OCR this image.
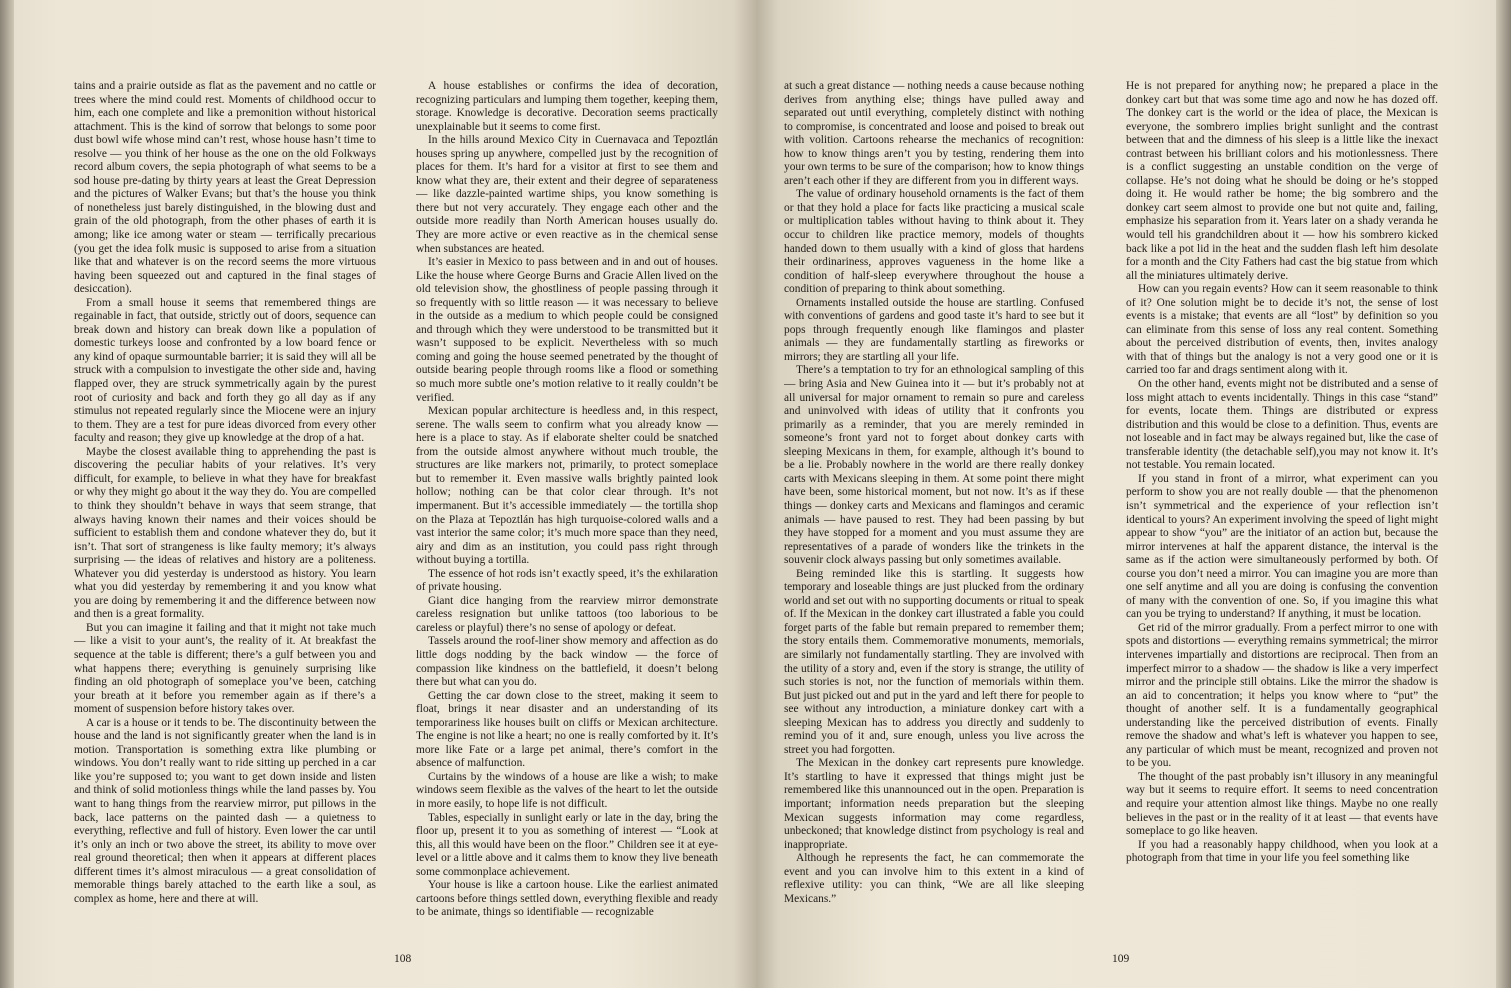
tains and a prairie outside as flat as the pavement and no cattle or trees where the mind could rest. Moments of childhood occur to him, each one complete and like a premonition without historical attachment. This is the kind of sorrow that belongs to some poor dust bowl wife whose mind can’t rest, whose house hasn’t time to resolve — you think of her house as the one on the old Folkways record album covers, the sepia photograph of what seems to be a sod house pre-dating by thirty years at least the Great Depression and the pictures of Walker Evans; but that’s the house you think of nonetheless just barely distinguished, in the blowing dust and grain of the old photograph, from the other phases of earth it is among; like ice among water or steam — terrifically precarious (you get the idea folk music is supposed to arise from a situation like that and whatever is on the record seems the more virtuous having been squeezed out and captured in the final stages of desiccation).

From a small house it seems that remembered things are regainable in fact, that outside, strictly out of doors, sequence can break down and history can break down like a population of domestic turkeys loose and confronted by a low board fence or any kind of opaque surmountable barrier; it is said they will all be struck with a compulsion to investigate the other side and, having flapped over, they are struck symmetrically again by the purest root of curiosity and back and forth they go all day as if any stimulus not repeated regularly since the Miocene were an injury to them. They are a test for pure ideas divorced from every other faculty and reason; they give up knowledge at the drop of a hat.

Maybe the closest available thing to apprehending the past is discovering the peculiar habits of your relatives. It’s very difficult, for example, to believe in what they have for breakfast or why they might go about it the way they do. You are compelled to think they shouldn’t behave in ways that seem strange, that always having known their names and their voices should be sufficient to establish them and condone whatever they do, but it isn’t. That sort of strangeness is like faulty memory; it’s always surprising — the ideas of relatives and history are a politeness. Whatever you did yesterday is understood as history. You learn what you did yesterday by remembering it and you know what you are doing by remembering it and the difference between now and then is a great formality.

But you can imagine it failing and that it might not take much — like a visit to your aunt’s, the reality of it. At breakfast the sequence at the table is different; there’s a gulf between you and what happens there; everything is genuinely surprising like finding an old photograph of someplace you’ve been, catching your breath at it before you remember again as if there’s a moment of suspension before history takes over.

A car is a house or it tends to be. The discontinuity between the house and the land is not significantly greater when the land is in motion. Transportation is something extra like plumbing or windows. You don’t really want to ride sitting up perched in a car like you’re supposed to; you want to get down inside and listen and think of solid motionless things while the land passes by. You want to hang things from the rearview mirror, put pillows in the back, lace patterns on the painted dash — a quietness to everything, reflective and full of history. Even lower the car until it’s only an inch or two above the street, its ability to move over real ground theoretical; then when it appears at different places different times it’s almost miraculous — a great consolidation of memorable things barely attached to the earth like a soul, as complex as home, here and there at will.

A house establishes or confirms the idea of decoration, recognizing particulars and lumping them together, keeping them, storage. Knowledge is decorative. Decoration seems practically unexplainable but it seems to come first.

In the hills around Mexico City in Cuernavaca and Tepoztlán houses spring up anywhere, compelled just by the recognition of places for them. It’s hard for a visitor at first to see them and know what they are, their extent and their degree of separateness — like dazzle-painted wartime ships, you know something is there but not very accurately. They engage each other and the outside more readily than North American houses usually do. They are more active or even reactive as in the chemical sense when substances are heated.

It’s easier in Mexico to pass between and in and out of houses. Like the house where George Burns and Gracie Allen lived on the old television show, the ghostliness of people passing through it so frequently with so little reason — it was necessary to believe in the outside as a medium to which people could be consigned and through which they were understood to be transmitted but it wasn’t supposed to be explicit. Nevertheless with so much coming and going the house seemed penetrated by the thought of outside bearing people through rooms like a flood or something so much more subtle one’s motion relative to it really couldn’t be verified.

Mexican popular architecture is heedless and, in this respect, serene. The walls seem to confirm what you already know — here is a place to stay. As if elaborate shelter could be snatched from the outside almost anywhere without much trouble, the structures are like markers not, primarily, to protect someplace but to remember it. Even massive walls brightly painted look hollow; nothing can be that color clear through. It’s not impermanent. But it’s accessible immediately — the tortilla shop on the Plaza at Tepoztlán has high turquoise-colored walls and a vast interior the same color; it’s much more space than they need, airy and dim as an institution, you could pass right through without buying a tortilla.

The essence of hot rods isn’t exactly speed, it’s the exhilaration of private housing.

Giant dice hanging from the rearview mirror demonstrate careless resignation but unlike tattoos (too laborious to be careless or playful) there’s no sense of apology or defeat.

Tassels around the roof-liner show memory and affection as do little dogs nodding by the back window — the force of compassion like kindness on the battlefield, it doesn’t belong there but what can you do.

Getting the car down close to the street, making it seem to float, brings it near disaster and an understanding of its temporariness like houses built on cliffs or Mexican architecture. The engine is not like a heart; no one is really comforted by it. It’s more like Fate or a large pet animal, there’s comfort in the absence of malfunction.

Curtains by the windows of a house are like a wish; to make windows seem flexible as the valves of the heart to let the outside in more easily, to hope life is not difficult.

Tables, especially in sunlight early or late in the day, bring the floor up, present it to you as something of interest — “Look at this, all this would have been on the floor.” Children see it at eye-level or a little above and it calms them to know they live beneath some commonplace achievement.

Your house is like a cartoon house. Like the earliest animated cartoons before things settled down, everything flexible and ready to be animate, things so identifiable — recognizable

108

at such a great distance — nothing needs a cause because nothing derives from anything else; things have pulled away and separated out until everything, completely distinct with nothing to compromise, is concentrated and loose and poised to break out with volition. Cartoons rehearse the mechanics of recognition: how to know things aren’t you by testing, rendering them into your own terms to be sure of the comparison; how to know things aren’t each other if they are different from you in different ways.

The value of ordinary household ornaments is the fact of them or that they hold a place for facts like practicing a musical scale or multiplication tables without having to think about it. They occur to children like practice memory, models of thoughts handed down to them usually with a kind of gloss that hardens their ordinariness, approves vagueness in the home like a condition of half-sleep everywhere throughout the house a condition of preparing to think about something.

Ornaments installed outside the house are startling. Confused with conventions of gardens and good taste it’s hard to see but it pops through frequently enough like flamingos and plaster animals — they are fundamentally startling as fireworks or mirrors; they are startling all your life.

There’s a temptation to try for an ethnological sampling of this — bring Asia and New Guinea into it — but it’s probably not at all universal for major ornament to remain so pure and careless and uninvolved with ideas of utility that it confronts you primarily as a reminder, that you are merely reminded in someone’s front yard not to forget about donkey carts with sleeping Mexicans in them, for example, although it’s bound to be a lie. Probably nowhere in the world are there really donkey carts with Mexicans sleeping in them. At some point there might have been, some historical moment, but not now. It’s as if these things — donkey carts and Mexicans and flamingos and ceramic animals — have paused to rest. They had been passing by but they have stopped for a moment and you must assume they are representatives of a parade of wonders like the trinkets in the souvenir clock always passing but only sometimes available.

Being reminded like this is startling. It suggests how temporary and loseable things are just plucked from the ordinary world and set out with no supporting documents or ritual to speak of. If the Mexican in the donkey cart illustrated a fable you could forget parts of the fable but remain prepared to remember them; the story entails them. Commemorative monuments, memorials, are similarly not fundamentally startling. They are involved with the utility of a story and, even if the story is strange, the utility of such stories is not, nor the function of memorials within them. But just picked out and put in the yard and left there for people to see without any introduction, a miniature donkey cart with a sleeping Mexican has to address you directly and suddenly to remind you of it and, sure enough, unless you live across the street you had forgotten.

The Mexican in the donkey cart represents pure knowledge. It’s startling to have it expressed that things might just be remembered like this unannounced out in the open. Preparation is important; information needs preparation but the sleeping Mexican suggests information may come regardless, unbeckoned; that knowledge distinct from psychology is real and inappropriate.

Although he represents the fact, he can commemorate the event and you can involve him to this extent in a kind of reflexive utility: you can think, “We are all like sleeping Mexicans.”

He is not prepared for anything now; he prepared a place in the donkey cart but that was some time ago and now he has dozed off. The donkey cart is the world or the idea of place, the Mexican is everyone, the sombrero implies bright sunlight and the contrast between that and the dimness of his sleep is a little like the inexact contrast between his brilliant colors and his motionlessness. There is a conflict suggesting an unstable condition on the verge of collapse. He’s not doing what he should be doing or he’s stopped doing it. He would rather be home; the big sombrero and the donkey cart seem almost to provide one but not quite and, failing, emphasize his separation from it. Years later on a shady veranda he would tell his grandchildren about it — how his sombrero kicked back like a pot lid in the heat and the sudden flash left him desolate for a month and the City Fathers had cast the big statue from which all the miniatures ultimately derive.

How can you regain events? How can it seem reasonable to think of it? One solution might be to decide it’s not, the sense of lost events is a mistake; that events are all “lost” by definition so you can eliminate from this sense of loss any real content. Something about the perceived distribution of events, then, invites analogy with that of things but the analogy is not a very good one or it is carried too far and drags sentiment along with it.

On the other hand, events might not be distributed and a sense of loss might attach to events incidentally. Things in this case “stand” for events, locate them. Things are distributed or express distribution and this would be close to a definition. Thus, events are not loseable and in fact may be always regained but, like the case of transferable identity (the detachable self),you may not know it. It’s not testable. You remain located.

If you stand in front of a mirror, what experiment can you perform to show you are not really double — that the phenomenon isn’t symmetrical and the experience of your reflection isn’t identical to yours? An experiment involving the speed of light might appear to show “you” are the initiator of an action but, because the mirror intervenes at half the apparent distance, the interval is the same as if the action were simultaneously performed by both. Of course you don’t need a mirror. You can imagine you are more than one self anytime and all you are doing is confusing the convention of many with the convention of one. So, if you imagine this what can you be trying to understand? If anything, it must be location.

Get rid of the mirror gradually. From a perfect mirror to one with spots and distortions — everything remains symmetrical; the mirror intervenes impartially and distortions are reciprocal. Then from an imperfect mirror to a shadow — the shadow is like a very imperfect mirror and the principle still obtains. Like the mirror the shadow is an aid to concentration; it helps you know where to “put” the thought of another self. It is a fundamentally geographical understanding like the perceived distribution of events. Finally remove the shadow and what’s left is whatever you happen to see, any particular of which must be meant, recognized and proven not to be you.

The thought of the past probably isn’t illusory in any meaningful way but it seems to require effort. It seems to need concentration and require your attention almost like things. Maybe no one really believes in the past or in the reality of it at least — that events have someplace to go like heaven.

If you had a reasonably happy childhood, when you look at a photograph from that time in your life you feel something like

109
